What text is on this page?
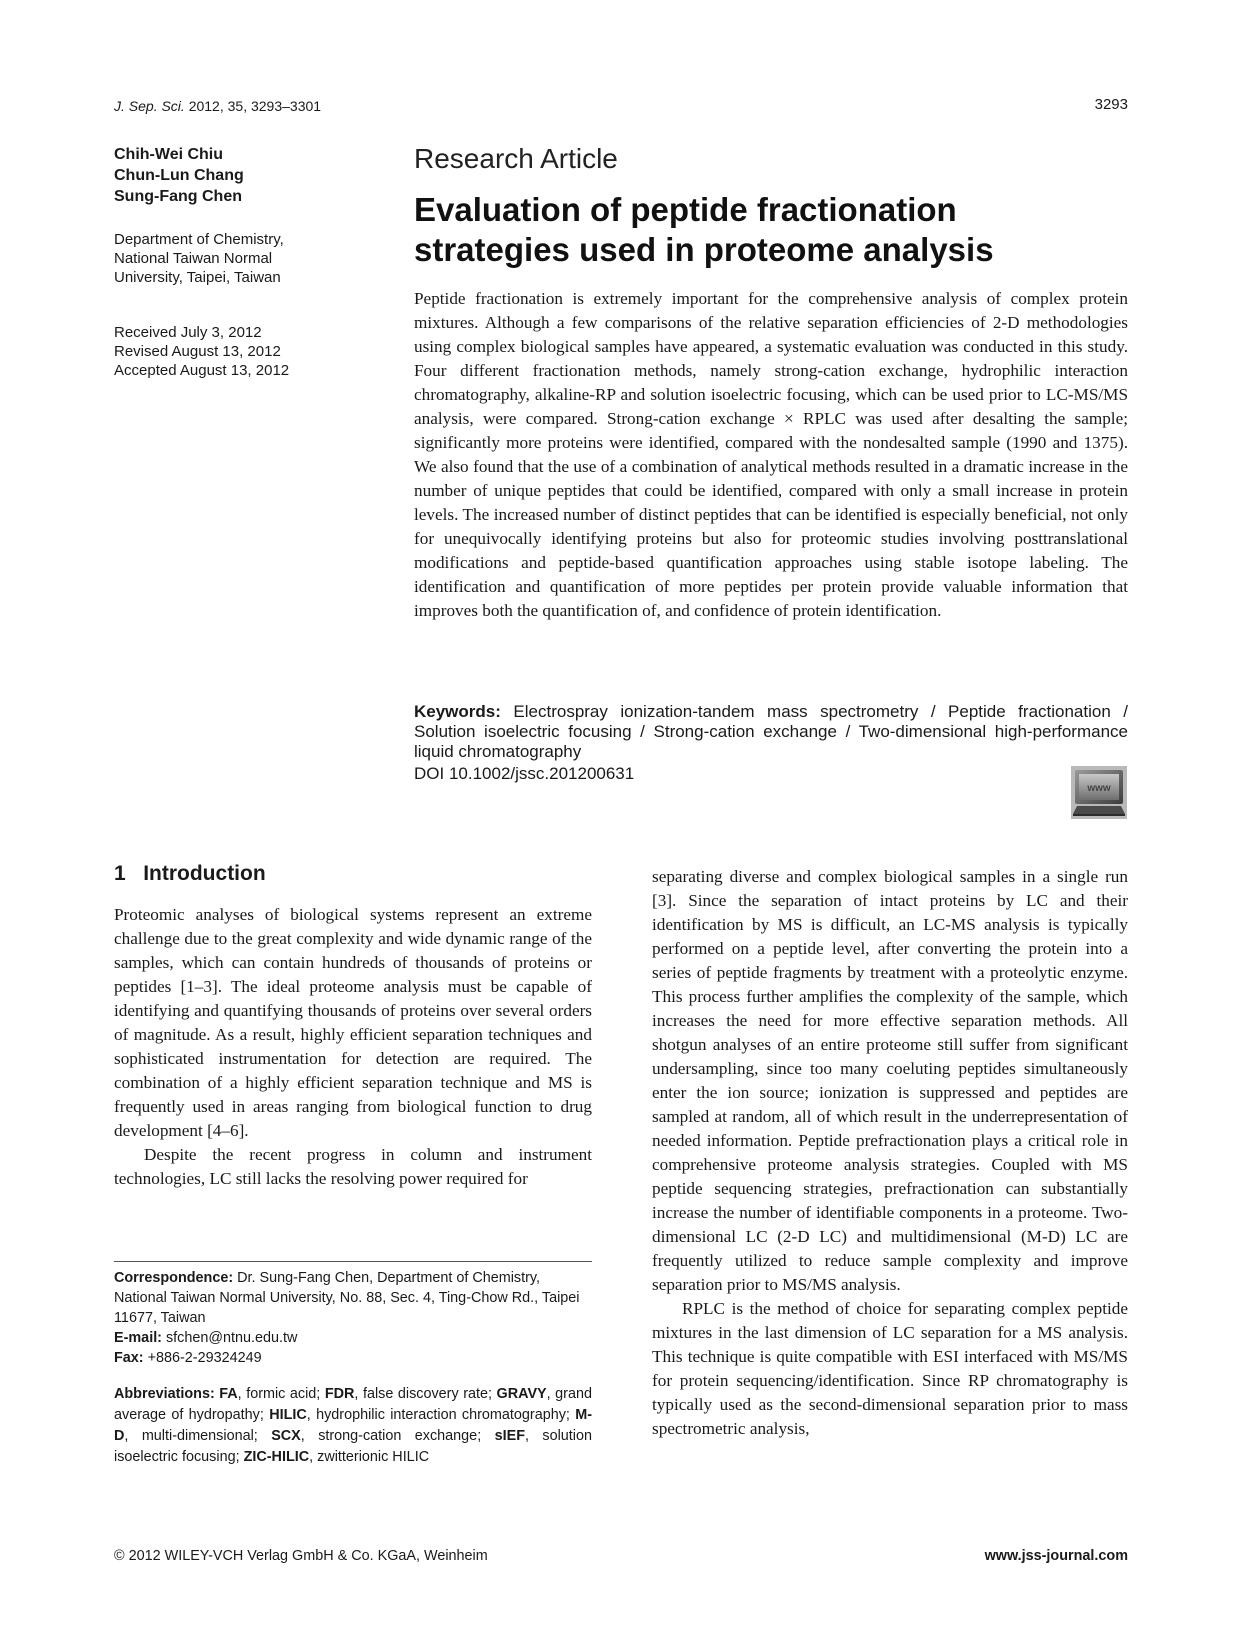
J. Sep. Sci. 2012, 35, 3293–3301	3293
Chih-Wei Chiu
Chun-Lun Chang
Sung-Fang Chen
Department of Chemistry,
National Taiwan Normal
University, Taipei, Taiwan
Received July 3, 2012
Revised August 13, 2012
Accepted August 13, 2012
Research Article
Evaluation of peptide fractionation
strategies used in proteome analysis
Peptide fractionation is extremely important for the comprehensive analysis of complex protein mixtures. Although a few comparisons of the relative separation efficiencies of 2-D methodologies using complex biological samples have appeared, a systematic evaluation was conducted in this study. Four different fractionation methods, namely strong-cation exchange, hydrophilic interaction chromatography, alkaline-RP and solution isoelectric focusing, which can be used prior to LC-MS/MS analysis, were compared. Strong-cation exchange × RPLC was used after desalting the sample; significantly more proteins were identified, compared with the nondesalted sample (1990 and 1375). We also found that the use of a combination of analytical methods resulted in a dramatic increase in the number of unique peptides that could be identified, compared with only a small increase in protein levels. The increased number of distinct peptides that can be identified is especially beneficial, not only for unequivocally identifying proteins but also for proteomic studies involving posttranslational modifications and peptide-based quantification approaches using stable isotope labeling. The identification and quantification of more peptides per protein provide valuable information that improves both the quantification of, and confidence of protein identification.
Keywords: Electrospray ionization-tandem mass spectrometry / Peptide fractionation / Solution isoelectric focusing / Strong-cation exchange / Two-dimensional high-performance liquid chromatography
DOI 10.1002/jssc.201200631
www
1 Introduction

Proteomic analyses of biological systems represent an extreme challenge due to the great complexity and wide dynamic range of the samples, which can contain hundreds of thousands of proteins or peptides [1–3]. The ideal proteome analysis must be capable of identifying and quantifying thousands of proteins over several orders of magnitude. As a result, highly efficient separation techniques and sophisticated instrumentation for detection are required. The combination of a highly efficient separation technique and MS is frequently used in areas ranging from biological function to drug development [4–6].

Despite the recent progress in column and instrument technologies, LC still lacks the resolving power required for

Correspondence: Dr. Sung-Fang Chen, Department of Chemistry, National Taiwan Normal University, No. 88, Sec. 4, Ting-Chow Rd., Taipei 11677, Taiwan
E-mail: sfchen@ntnu.edu.tw
Fax: +886-2-29324249
Abbreviations: FA, formic acid; FDR, false discovery rate; GRAVY, grand average of hydropathy; HILIC, hydrophilic interaction chromatography; M-D, multi-dimensional; SCX, strong-cation exchange; sIEF, solution isoelectric focusing; ZIC-HILIC, zwitterionic HILIC

separating diverse and complex biological samples in a single run [3]. Since the separation of intact proteins by LC and their identification by MS is difficult, an LC-MS analysis is typically performed on a peptide level, after converting the protein into a series of peptide fragments by treatment with a proteolytic enzyme. This process further amplifies the complexity of the sample, which increases the need for more effective separation methods. All shotgun analyses of an entire proteome still suffer from significant undersampling, since too many coeluting peptides simultaneously enter the ion source; ionization is suppressed and peptides are sampled at random, all of which result in the underrepresentation of needed information. Peptide prefractionation plays a critical role in comprehensive proteome analysis strategies. Coupled with MS peptide sequencing strategies, prefractionation can substantially increase the number of identifiable components in a proteome. Two-dimensional LC (2-D LC) and multidimensional (M-D) LC are frequently utilized to reduce sample complexity and improve separation prior to MS/MS analysis.

RPLC is the method of choice for separating complex peptide mixtures in the last dimension of LC separation for a MS analysis. This technique is quite compatible with ESI interfaced with MS/MS for protein sequencing/identification. Since RP chromatography is typically used as the second-dimensional separation prior to mass spectrometric analysis,

© 2012 WILEY-VCH Verlag GmbH & Co. KGaA, Weinheim	www.jss-journal.com
